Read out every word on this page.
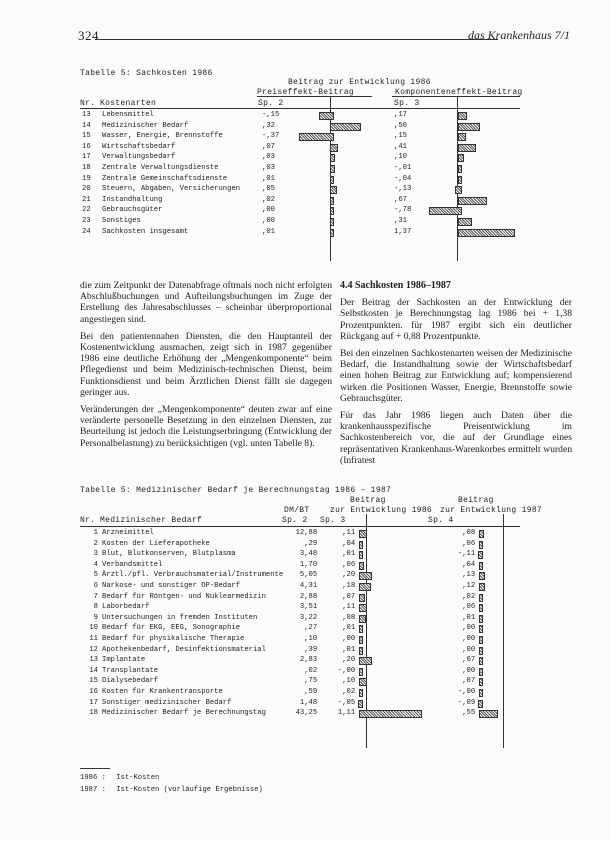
324	das Krankenhaus 7/1
Tabelle 5: Sachkosten 1986
Beitrag zur Entwicklung 1986
Preiseffekt-Beitrag	Komponenteneffekt-Beitrag
Nr. Kostenarten	Sp. 2	Sp. 3
13	Lebensmittel	-,15		,17	

14	Medizinischer Bedarf	,32		,50	

15	Wasser, Energie, Brennstoffe	-,37		,15	

16	Wirtschaftsbedarf	,07		,41	

17	Verwaltungsbedarf	,03		,10	

18	Zentrale Verwaltungsdienste	,03		-,01	

19	Zentrale Gemeinschaftsdienste	,01		-,04	

20	Steuern, Abgaben, Versicherungen	,05		-,13	

21	Instandhaltung	,02		,67	

22	Gebrauchsgüter	,00		-,78	

23	Sonstiges	,00		,31	

24	Sachkosten insgesamt	,01		1,37	

die zum Zeitpunkt der Datenabfrage oftmals noch nicht erfolgten Abschlußbuchungen und Aufteilungsbuchungen im Zuge der Erstellung des Jahresabschlusses – scheinbar überproportional angestiegen sind.

Bei den patientennahen Diensten, die den Hauptanteil der Kostenentwicklung ausmachen, zeigt sich in 1987 gegenüber 1986 eine deutliche Erhöhung der „Mengenkomponente“ beim Pflegedienst und beim Medizinisch-technischen Dienst, beim Funktionsdienst und beim Ärztlichen Dienst fällt sie dagegen geringer aus.

Veränderungen der „Mengenkomponente“ deuten zwar auf eine veränderte personelle Besetzung in den einzelnen Diensten, zur Beurteilung ist jedoch die Leistungserbringung (Entwicklung der Personalbelastung) zu berücksichtigen (vgl. unten Tabelle 8).

4.4 Sachkosten 1986–1987

Der Beitrag der Sachkosten an der Entwicklung der Selbstkosten je Berechnungstag lag 1986 bei + 1,38 Prozentpunkten. für 1987 ergibt sich ein deutlicher Rückgang auf + 0,88 Prozentpunkte.

Bei den einzelnen Sachkostenarten weisen der Medizinische Bedarf, die Instandhaltung sowie der Wirtschaftsbedarf einen hohen Beitrag zur Entwicklung auf; kompensierend wirken die Positionen Wasser, Energie, Brennstoffe sowie Gebrauchsgüter.

Für das Jahr 1986 liegen auch Daten über die krankenhausspezifische Preisentwicklung im Sachkostenbereich vor, die auf der Grundlage eines repräsentativen Krankenhaus-Warenkorbes ermittelt wurden (Infratest

Tabelle 5: Medizinischer Bedarf je Berechnungstag 1986 – 1987
Beitrag
zur Entwicklung 1986
Beitrag
zur Entwicklung 1987
DM/BT
Nr. Medizinischer Bedarf	Sp. 2 Sp. 3	Sp. 4
1	Arzneimittel	12,88	,11		,08	

2	Kosten der Lieferapotheke	,29	,04		,06	

3	Blut, Blutkonserven, Blutplasma	3,48	,01		-,11	

4	Verbandsmittel	1,70	,06		,04	

5	Ärztl./pfl. Verbrauchsmaterial/Instrumente	5,05	,20		,13	

6	Narkose- und sonstiger OP-Bedarf	4,31	,18		,12	

7	Bedarf für Röntgen- und Nuklearmedizin	2,88	,07		,02	

8	Laborbedarf	3,51	,11		,06	

9	Untersuchungen in fremden Instituten	3,22	,08		,01	

10	Bedarf für EKG, EEG, Sonographie	,27	,01		,00	

11	Bedarf für physikalische Therapie	,10	,00		,00	

12	Apothekenbedarf, Desinfektionsmaterial	,39	,01		,00	

13	Implantate	2,83	,20		,07	

14	Transplantate	,02	-,00		,00	

15	Dialysebedarf	,75	,10		,07	

16	Kosten für Krankentransporte	,59	,02		-,00	

17	Sonstiger medizinischer Bedarf	1,48	-,05		-,09	

18	Medizinischer Bedarf je Berechnungstag	43,25	1,11		,55	
1986 : Ist-Kosten
1987 : Ist-Kosten (vorläufige Ergebnisse)
